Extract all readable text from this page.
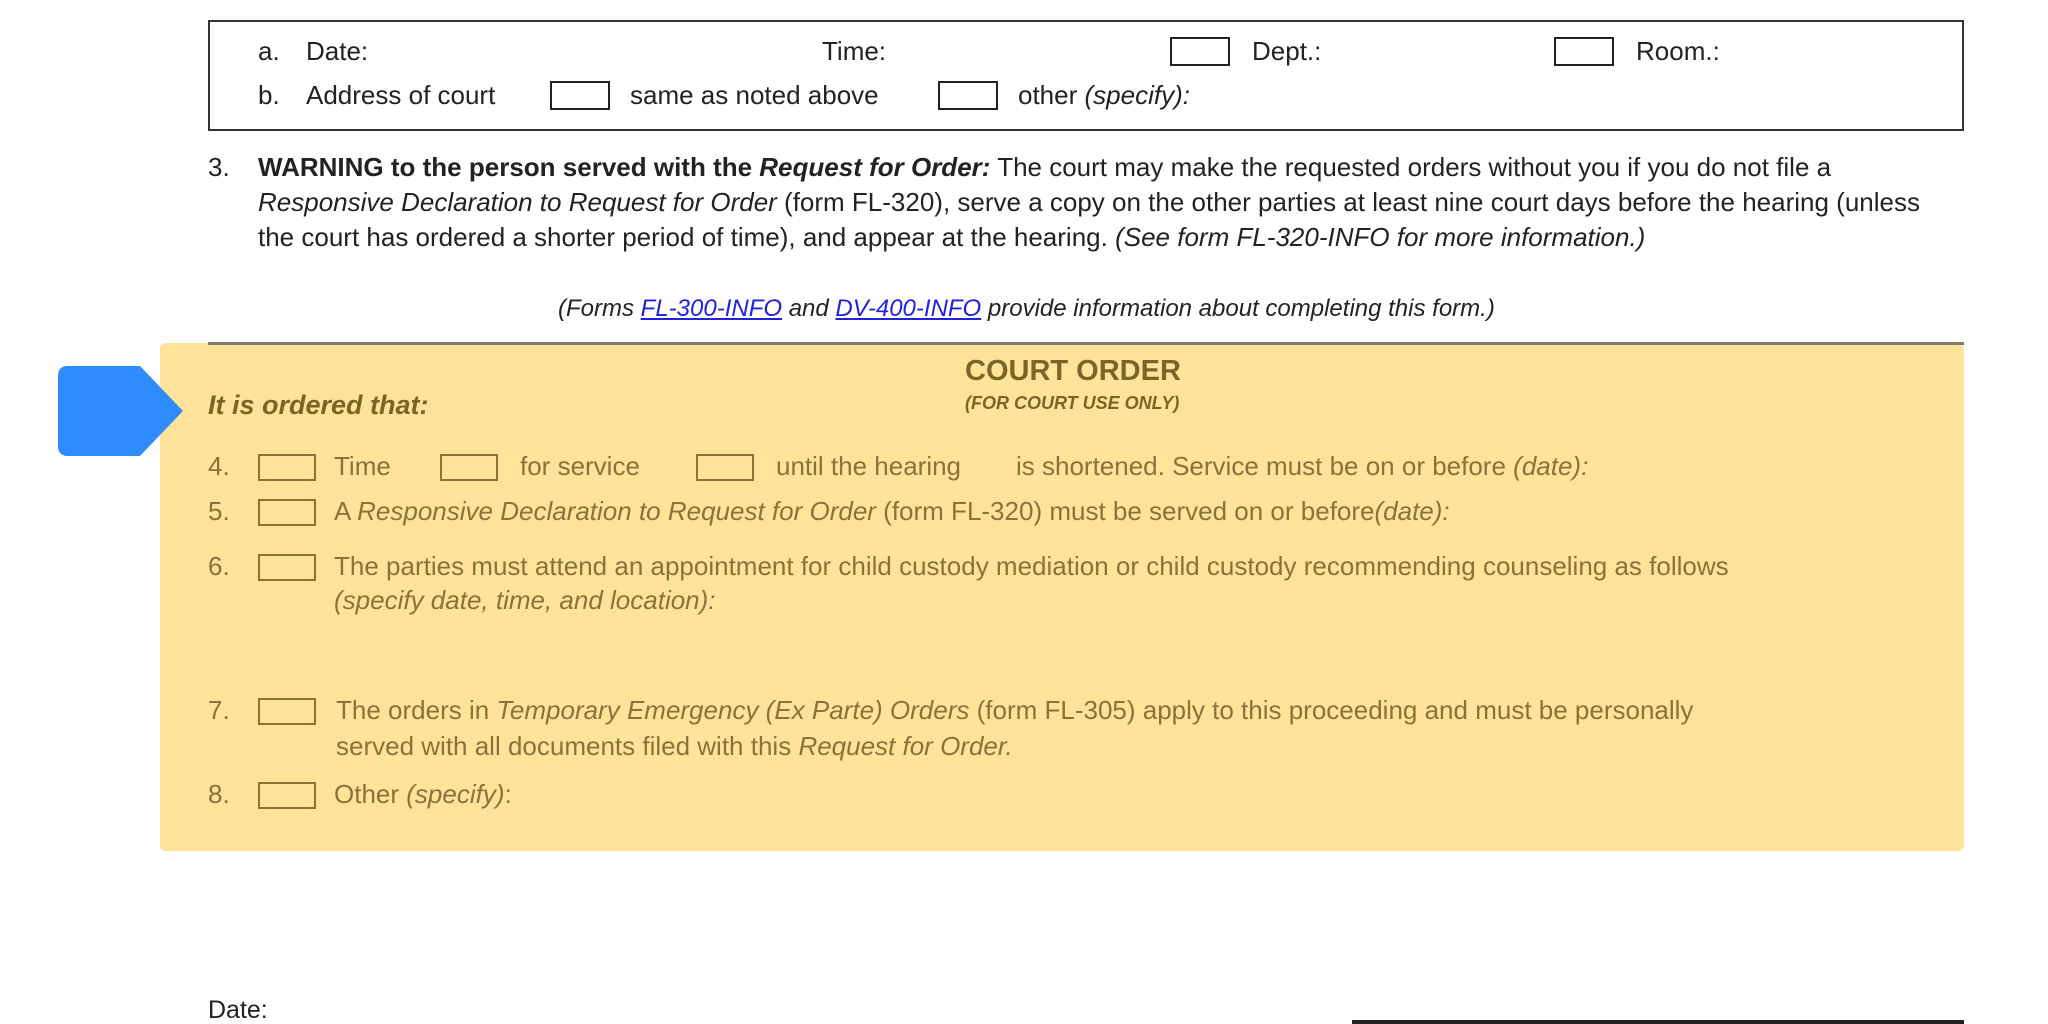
a. Date:	Time:	Dept.:	Room.:
b. Address of court	same as noted above	other (specify):
3. WARNING to the person served with the Request for Order: The court may make the requested orders without you if you do not file a Responsive Declaration to Request for Order (form FL-320), serve a copy on the other parties at least nine court days before the hearing (unless the court has ordered a shorter period of time), and appear at the hearing. (See form FL-320-INFO for more information.)
(Forms FL-300-INFO and DV-400-INFO provide information about completing this form.)
COURT ORDER
(FOR COURT USE ONLY)
It is ordered that:
4.	Time	for service	until the hearing is shortened. Service must be on or before (date):
5.	A Responsive Declaration to Request for Order (form FL-320) must be served on or before(date):
6.	The parties must attend an appointment for child custody mediation or child custody recommending counseling as follows
(specify date, time, and location):
7.	The orders in Temporary Emergency (Ex Parte) Orders (form FL-305) apply to this proceeding and must be personally
served with all documents filed with this Request for Order.
8.	Other (specify):
Date:
